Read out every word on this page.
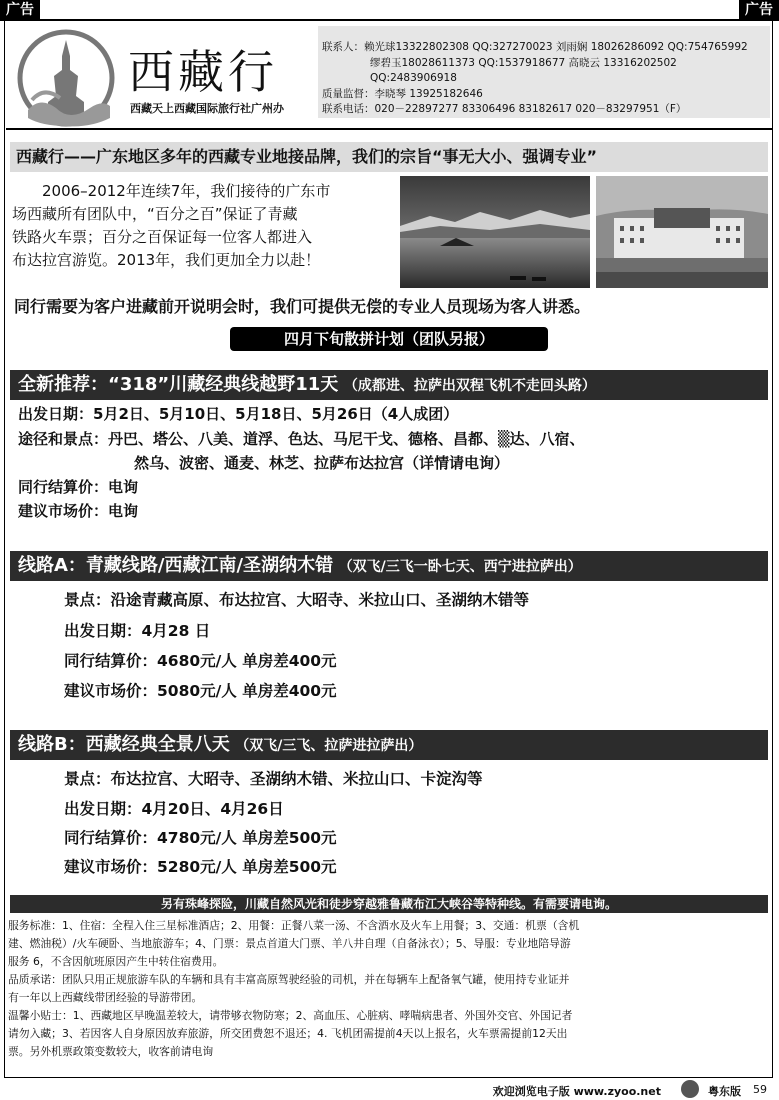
广告	广告
西藏行
西藏天上西藏国际旅行社广州办
联系人：赖光球13322802308 QQ:327270023 刘雨娴 18026286092 QQ:754765992
缪碧玉18028611373 QQ:1537918677 高晓云 13316202502 QQ:2483906918
质量监督：李晓琴 13925182646
联系电话：020－22897277 83306496 83182617 020－83297951（F）
西藏行——广东地区多年的西藏专业地接品牌，我们的宗旨“事无大小、强调专业”
2006–2012年连续7年，我们接待的广东市
场西藏所有团队中，“百分之百”保证了青藏
铁路火车票；百分之百保证每一位客人都进入
布达拉宫游览。2013年，我们更加全力以赴！
同行需要为客户进藏前开说明会时，我们可提供无偿的专业人员现场为客人讲悉。
四月下旬散拼计划（团队另报）
全新推荐：“318”川藏经典线越野11天 （成都进、拉萨出双程飞机不走回头路）
出发日期：5月2日、5月10日、5月18日、5月26日（4人成团）
途径和景点：丹巴、塔公、八美、道浮、色达、马尼干戈、德格、昌都、▒达、八宿、
然乌、波密、通麦、林芝、拉萨布达拉宫（详情请电询）
同行结算价：电询
建议市场价：电询
线路A：青藏线路/西藏江南/圣湖纳木错 （双飞/三飞一卧七天、西宁进拉萨出）
景点：沿途青藏高原、布达拉宫、大昭寺、米拉山口、圣湖纳木错等
出发日期：4月28 日
同行结算价：4680元/人 单房差400元
建议市场价：5080元/人 单房差400元
线路B：西藏经典全景八天 （双飞/三飞、拉萨进拉萨出）
景点：布达拉宫、大昭寺、圣湖纳木错、米拉山口、卡淀沟等
出发日期：4月20日、4月26日
同行结算价：4780元/人 单房差500元
建议市场价：5280元/人 单房差500元
另有珠峰探险，川藏自然风光和徒步穿越雅鲁藏布江大峡谷等特种线。有需要请电询。
服务标准：1、住宿：全程入住三星标准酒店；2、用餐：正餐八菜一汤、不含酒水及火车上用餐；3、交通：机票（含机
建、燃油税）/火车硬卧、当地旅游车；4、门票：景点首道大门票、羊八井自理（自备泳衣）；5、导服：专业地陪导游
服务 6，不含因航班原因产生中转住宿费用。
品质承诺：团队只用正规旅游车队的车辆和具有丰富高原驾驶经验的司机，并在每辆车上配备氧气罐，使用持专业证并
有一年以上西藏线带团经验的导游带团。
温馨小贴士：1、西藏地区早晚温差较大，请带够衣物防寒；2、高血压、心脏病、哮喘病患者、外国外交官、外国记者
请勿入藏；3、若因客人自身原因放弃旅游，所交团费恕不退还；4. 飞机团需提前4天以上报名，火车票需提前12天出
票。另外机票政策变数较大，收客前请电询
欢迎浏览电子版 www.zyoo.net	粤东版 59
